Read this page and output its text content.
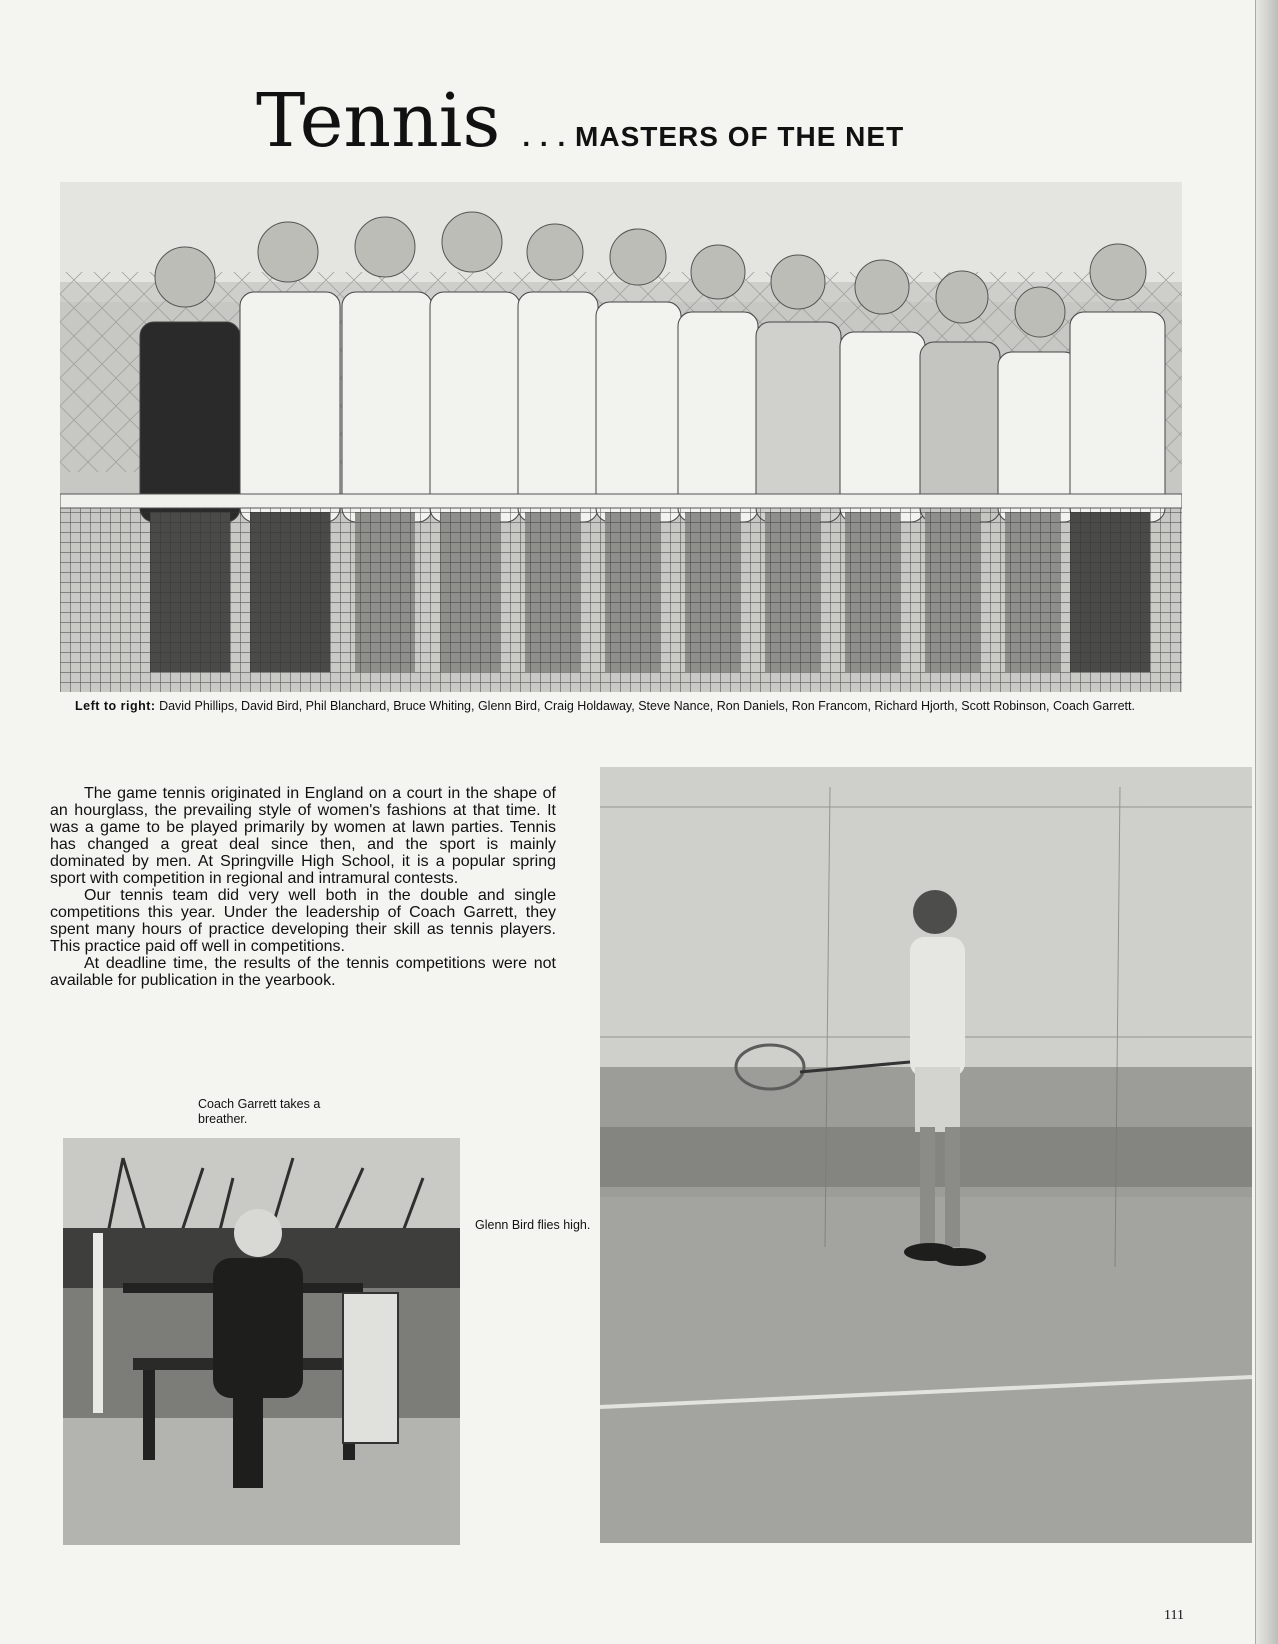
Tennis . . . MASTERS OF THE NET
Left to right: David Phillips, David Bird, Phil Blanchard, Bruce Whiting, Glenn Bird, Craig Holdaway, Steve Nance, Ron Daniels, Ron Francom, Richard Hjorth, Scott Robinson, Coach Garrett.

The game tennis originated in England on a court in the shape of an hourglass, the prevailing style of women's fashions at that time. It was a game to be played primarily by women at lawn parties. Tennis has changed a great deal since then, and the sport is mainly dominated by men. At Springville High School, it is a popular spring sport with competition in regional and intramural contests.

Our tennis team did very well both in the double and single competitions this year. Under the leadership of Coach Garrett, they spent many hours of practice developing their skill as tennis players. This practice paid off well in competitions.

At deadline time, the results of the tennis competitions were not available for publication in the yearbook.

Coach Garrett takes a breather.
Glenn Bird flies high.
111
